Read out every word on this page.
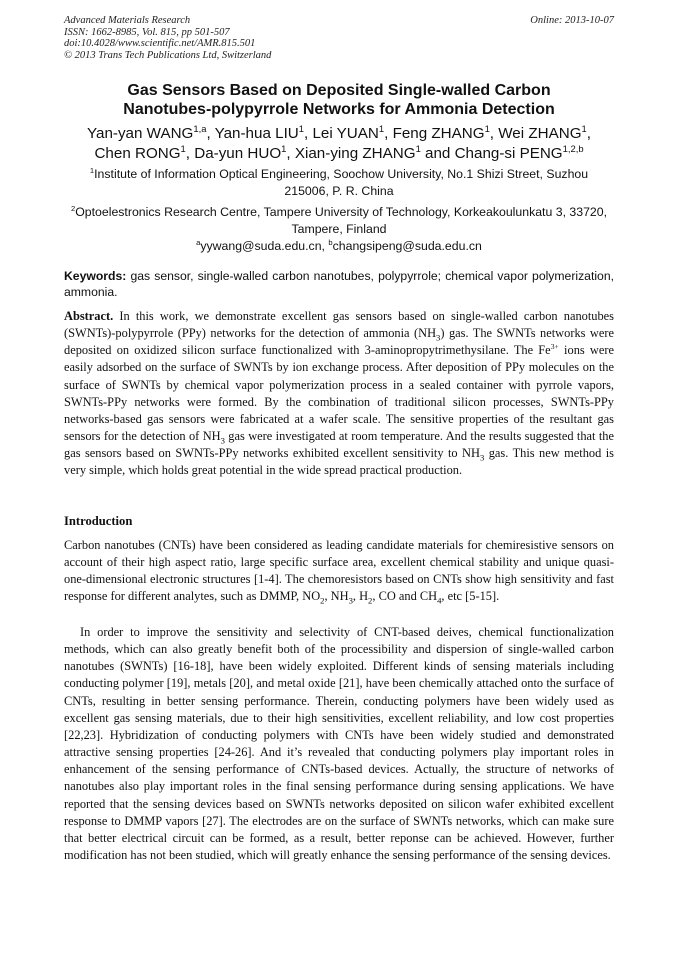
Advanced Materials Research
ISSN: 1662-8985, Vol. 815, pp 501-507
doi:10.4028/www.scientific.net/AMR.815.501
© 2013 Trans Tech Publications Ltd, Switzerland
Online: 2013-10-07
Gas Sensors Based on Deposited Single-walled Carbon
Nanotubes-polypyrrole Networks for Ammonia Detection
Yan-yan WANG$^{1,a}$, Yan-hua LIU$^1$, Lei YUAN$^1$, Feng ZHANG$^1$, Wei ZHANG$^1$,
Chen RONG$^1$, Da-yun HUO$^1$, Xian-ying ZHANG$^1$ and Chang-si PENG$^{1,2,b}$
$^1$Institute of Information Optical Engineering, Soochow University, No.1 Shizi Street, Suzhou
215006, P. R. China
$^2$Optoelestronics Research Centre, Tampere University of Technology, Korkeakoulunkatu 3, 33720,
Tampere, Finland
$^a$yywang@suda.edu.cn, $^b$changsipeng@suda.edu.cn
Keywords: gas sensor, single-walled carbon nanotubes, polypyrrole; chemical vapor polymerization, ammonia.
Abstract. In this work, we demonstrate excellent gas sensors based on single-walled carbon nanotubes (SWNTs)-polypyrrole (PPy) networks for the detection of ammonia $(NH_3)$ gas. The SWNTs networks were deposited on oxidized silicon surface functionalized with 3-aminopropytrimethysilane. The $Fe^{3+}$ ions were easily adsorbed on the surface of SWNTs by ion exchange process. After deposition of PPy molecules on the surface of SWNTs by chemical vapor polymerization process in a sealed container with pyrrole vapors, SWNTs-PPy networks were formed. By the combination of traditional silicon processes, SWNTs-PPy networks-based gas sensors were fabricated at a wafer scale. The sensitive properties of the resultant gas sensors for the detection of $NH_3$ gas were investigated at room temperature. And the results suggested that the gas sensors based on SWNTs-PPy networks exhibited excellent sensitivity to $NH_3$ gas. This new method is very simple, which holds great potential in the wide spread practical production.
Introduction
Carbon nanotubes (CNTs) have been considered as leading candidate materials for chemiresistive sensors on account of their high aspect ratio, large specific surface area, excellent chemical stability and unique quasi-one-dimensional electronic structures [1-4]. The chemoresistors based on CNTs show high sensitivity and fast response for different analytes, such as DMMP, $NO_2$, $NH_3$, $H_2$, CO and $CH_4$, etc [5-15].
In order to improve the sensitivity and selectivity of CNT-based deives, chemical functionalization methods, which can also greatly benefit both of the processibility and dispersion of single-walled carbon nanotubes (SWNTs) [16-18], have been widely exploited. Different kinds of sensing materials including conducting polymer [19], metals [20], and metal oxide [21], have been chemically attached onto the surface of CNTs, resulting in better sensing performance. Therein, conducting polymers have been widely used as excellent gas sensing materials, due to their high sensitivities, excellent reliability, and low cost properties [22,23]. Hybridization of conducting polymers with CNTs have been widely studied and demonstrated attractive sensing properties [24-26]. And it’s revealed that conducting polymers play important roles in enhancement of the sensing performance of CNTs-based devices. Actually, the structure of networks of nanotubes also play important roles in the final sensing performance during sensing applications. We have reported that the sensing devices based on SWNTs networks deposited on silicon wafer exhibited excellent response to DMMP vapors [27]. The electrodes are on the surface of SWNTs networks, which can make sure that better electrical circuit can be formed, as a result, better reponse can be achieved. However, further modification has not been studied, which will greatly enhance the sensing performance of the sensing devices.
